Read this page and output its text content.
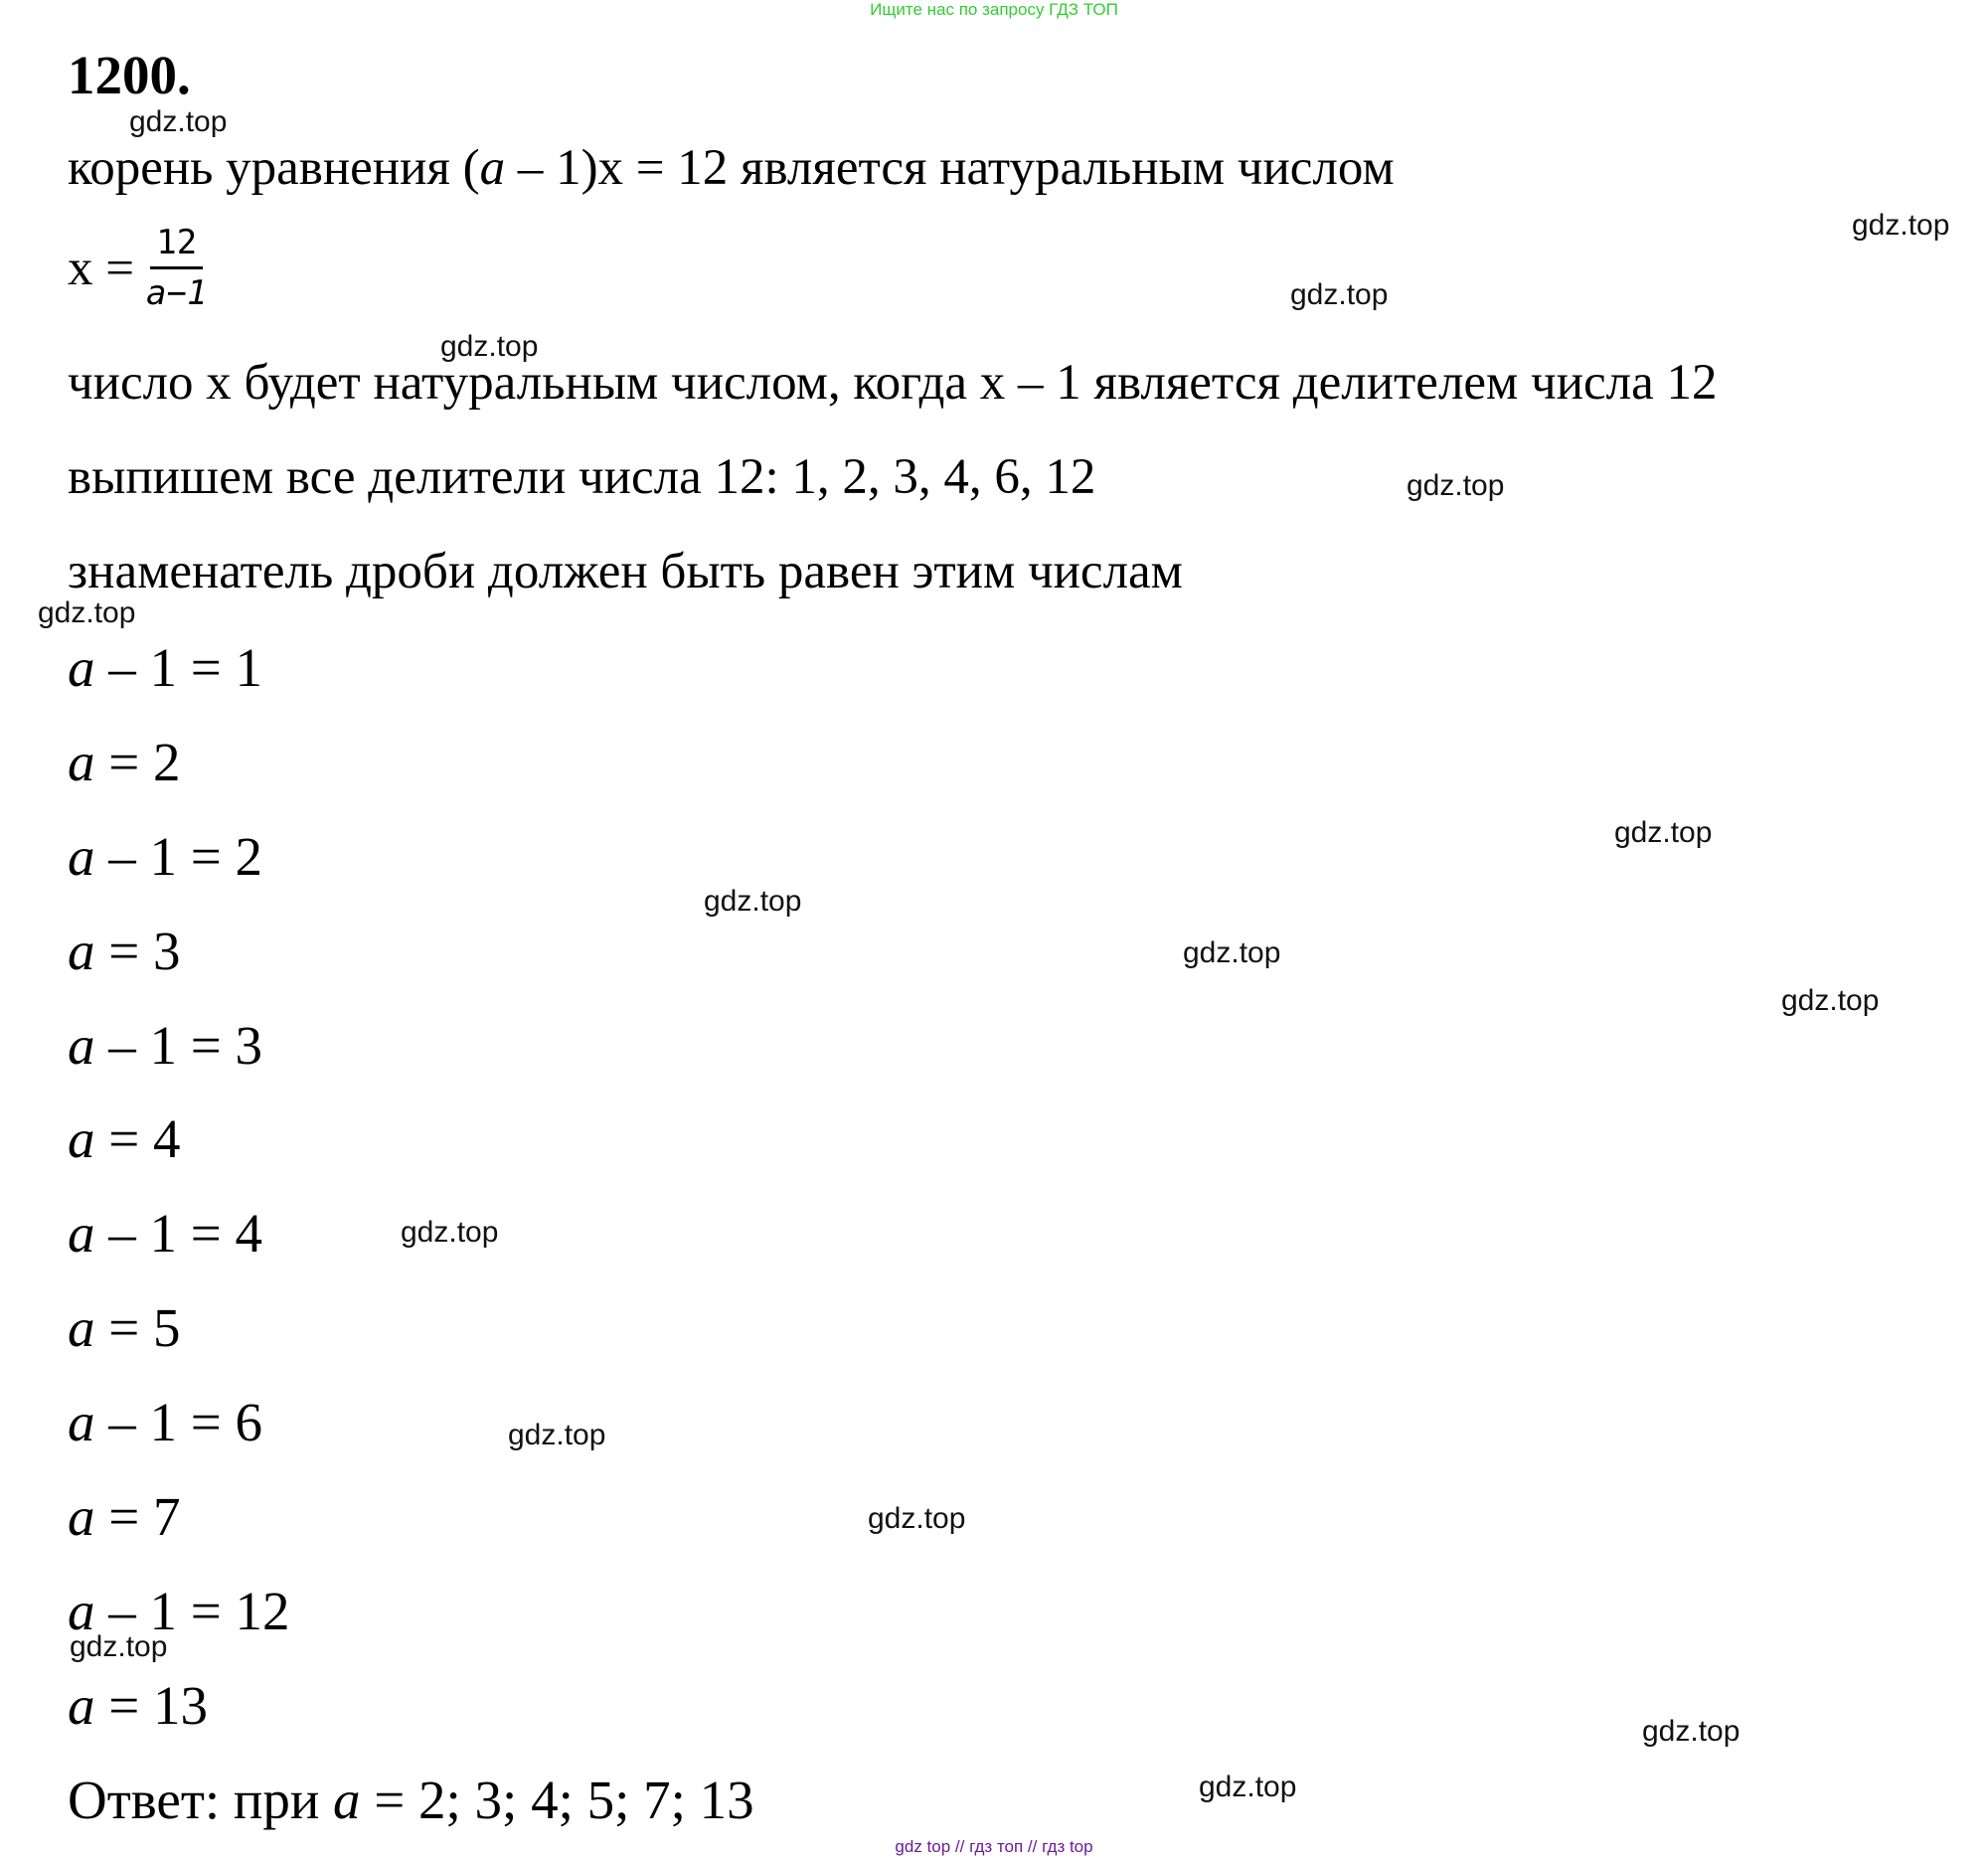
Ищите нас по запросу ГДЗ ТОП
1200.
корень уравнения (a – 1)x = 12 является натуральным числом
$x = \frac{12}{a-1}$
число x будет натуральным числом, когда x – 1 является делителем числа 12
выпишем все делители числа 12: 1, 2, 3, 4, 6, 12
знаменатель дроби должен быть равен этим числам
a – 1 = 1
a = 2
a – 1 = 2
a = 3
a – 1 = 3
a = 4
a – 1 = 4
a = 5
a – 1 = 6
a = 7
a – 1 = 12
a = 13
Ответ: при a = 2; 3; 4; 5; 7; 13
gdz.top
gdz.top
gdz.top
gdz.top
gdz.top
gdz.top
gdz.top
gdz.top
gdz.top
gdz.top
gdz.top
gdz.top
gdz.top
gdz.top
gdz.top
gdz.top
gdz top // гдз топ // гдз top
